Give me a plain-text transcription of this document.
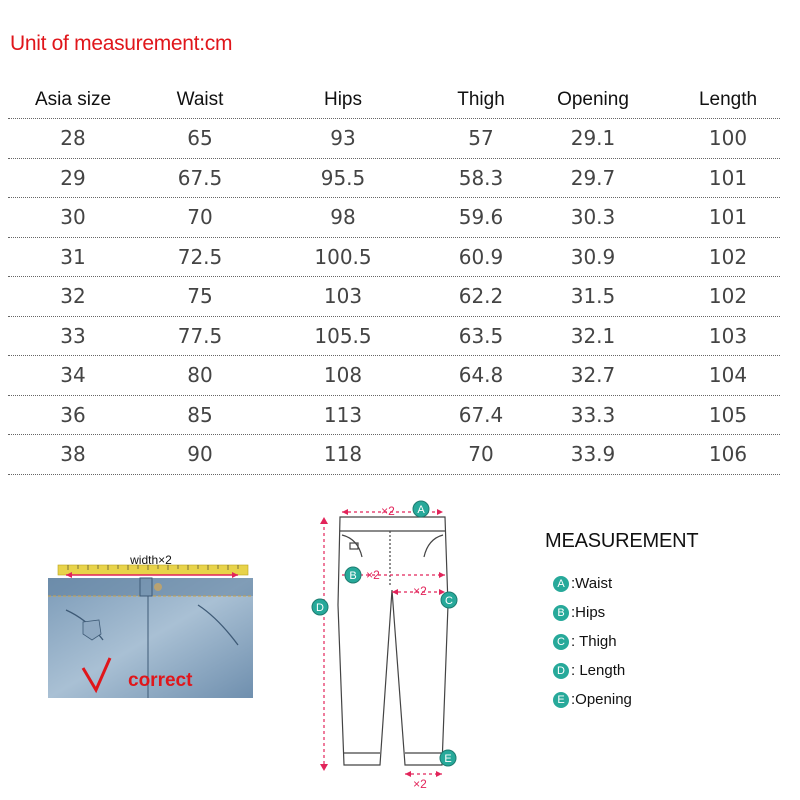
Unit of measurement:cm
Asia size	Waist	Hips	Thigh	Opening	Length
28	65	93	57	29.1	100
29	67.5	95.5	58.3	29.7	101
30	70	98	59.6	30.3	101
31	72.5	100.5	60.9	30.9	102
32	75	103	62.2	31.5	102
33	77.5	105.5	63.5	32.1	103
34	80	108	64.8	32.7	104
36	85	113	67.4	33.3	105
38	90	118	70	33.9	106
width×2
correct
×2
×2
×2
×2
A
B
C
D
E
MEASUREMENT
A :Waist
B :Hips
C : Thigh
D : Length
E :Opening
